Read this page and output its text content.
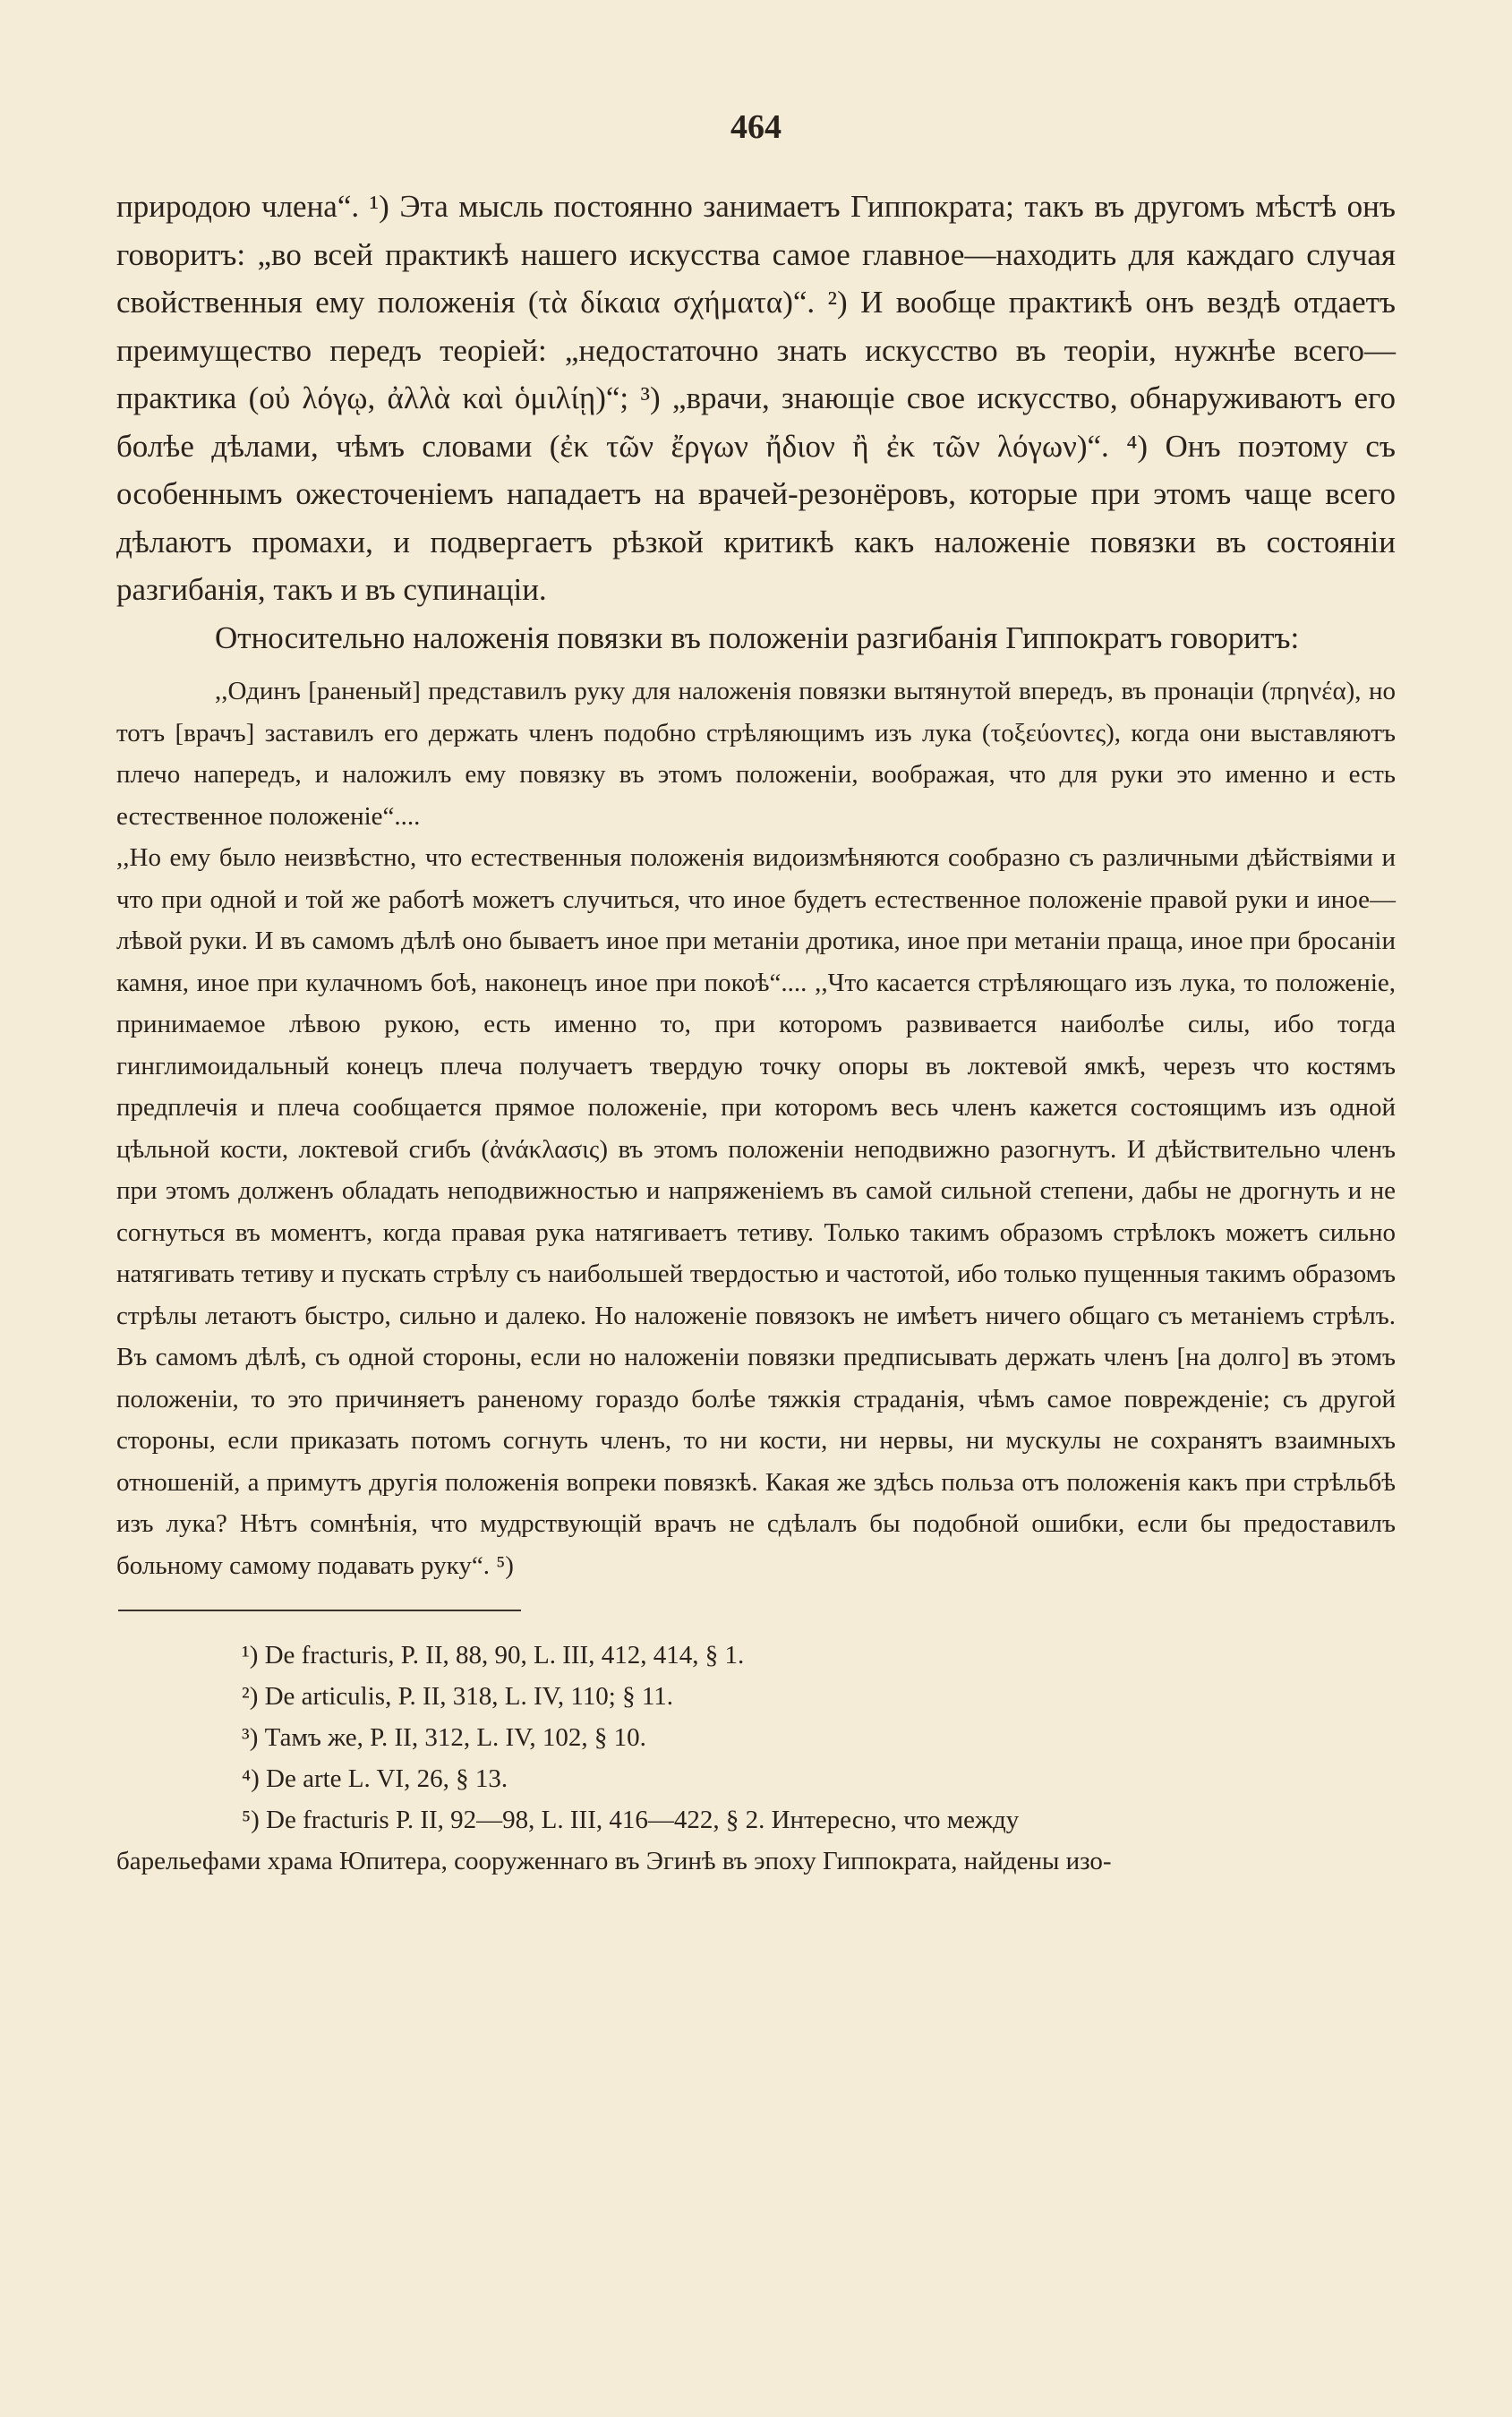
464

природою члена“. ¹) Эта мысль постоянно занимаетъ Гиппократа; такъ въ другомъ мѣстѣ онъ говоритъ: „во всей практикѣ нашего искусства самое главное—находить для каждаго случая свойственныя ему положенія (τὰ δίκαια σχήματα)“. ²) И вообще практикѣ онъ вездѣ отдаетъ преимущество передъ теоріей: „недостаточно знать искусство въ теоріи, нужнѣе всего—практика (οὐ λόγῳ, ἀλλὰ καὶ ὁμιλίῃ)“; ³) „врачи, знающіе свое искусство, обнаруживаютъ его болѣе дѣлами, чѣмъ словами (ἐκ τῶν ἔργων ἤδιον ἢ ἐκ τῶν λόγων)“. ⁴) Онъ поэтому съ особеннымъ ожесточеніемъ нападаетъ на врачей-резонёровъ, которые при этомъ чаще всего дѣлаютъ промахи, и подвергаетъ рѣзкой критикѣ какъ наложеніе повязки въ состояніи разгибанія, такъ и въ супинаціи.

Относительно наложенія повязки въ положеніи разгибанія Гиппократъ говоритъ:

,,Одинъ [раненый] представилъ руку для наложенія повязки вытянутой впередъ, въ пронаціи (πρηνέα), но тотъ [врачъ] заставилъ его держать членъ подобно стрѣляющимъ изъ лука (τοξεύοντες), когда они выставляютъ плечо напередъ, и наложилъ ему повязку въ этомъ положеніи, воображая, что для руки это именно и есть естественное положеніе“....

,,Но ему было неизвѣстно, что естественныя положенія видоизмѣняются сообразно съ различными дѣйствіями и что при одной и той же работѣ можетъ случиться, что иное будетъ естественное положеніе правой руки и иное—лѣвой руки. И въ самомъ дѣлѣ оно бываетъ иное при метаніи дротика, иное при метаніи праща, иное при бросаніи камня, иное при кулачномъ боѣ, наконецъ иное при покоѣ“.... ,,Что касается стрѣляющаго изъ лука, то положеніе, принимаемое лѣвою рукою, есть именно то, при которомъ развивается наиболѣе силы, ибо тогда гинглимоидальный конецъ плеча получаетъ твердую точку опоры въ локтевой ямкѣ, черезъ что костямъ предплечія и плеча сообщается прямое положеніе, при которомъ весь членъ кажется состоящимъ изъ одной цѣльной кости, локтевой сгибъ (ἀνάκλασις) въ этомъ положеніи неподвижно разогнутъ. И дѣйствительно членъ при этомъ долженъ обладать неподвижностью и напряженіемъ въ самой сильной степени, дабы не дрогнуть и не согнуться въ моментъ, когда правая рука натягиваетъ тетиву. Только такимъ образомъ стрѣлокъ можетъ сильно натягивать тетиву и пускать стрѣлу съ наибольшей твердостью и частотой, ибо только пущенныя такимъ образомъ стрѣлы летаютъ быстро, сильно и далеко. Но наложеніе повязокъ не имѣетъ ничего общаго съ метаніемъ стрѣлъ. Въ самомъ дѣлѣ, съ одной стороны, если но наложеніи повязки предписывать держать членъ [на долго] въ этомъ положеніи, то это причиняетъ раненому гораздо болѣе тяжкія страданія, чѣмъ самое поврежденіе; съ другой стороны, если приказать потомъ согнуть членъ, то ни кости, ни нервы, ни мускулы не сохранятъ взаимныхъ отношеній, а примутъ другія положенія вопреки повязкѣ. Какая же здѣсь польза отъ положенія какъ при стрѣльбѣ изъ лука? Нѣтъ сомнѣнія, что мудрствующій врачъ не сдѣлалъ бы подобной ошибки, если бы предоставилъ больному самому подавать руку“. ⁵)

¹) De fracturis, P. II, 88, 90, L. III, 412, 414, § 1.

²) De articulis, P. II, 318, L. IV, 110; § 11.

³) Тамъ же, P. II, 312, L. IV, 102, § 10.

⁴) De arte L. VI, 26, § 13.

⁵) De fracturis P. II, 92—98, L. III, 416—422, § 2. Интересно, что между

барельефами храма Юпитера, сооруженнаго въ Эгинѣ въ эпоху Гиппократа, найдены изо-
